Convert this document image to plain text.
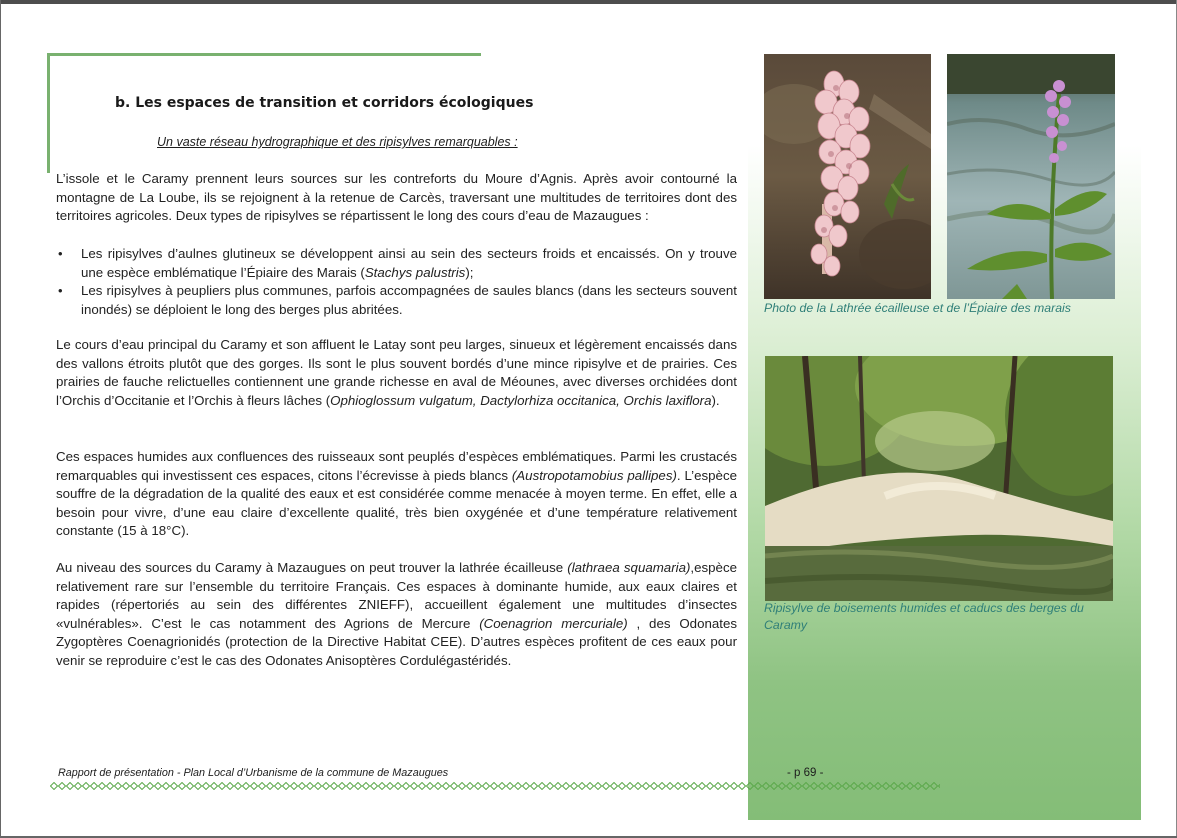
b. Les espaces de transition et corridors écologiques
Un vaste réseau hydrographique et des ripisylves remarquables :

L’issole et le Caramy prennent leurs sources sur les contreforts du Moure d’Agnis. Après avoir contourné la montagne de La Loube, ils se rejoignent à la retenue de Carcès, traversant une multitudes de territoires dont des territoires agricoles. Deux types de ripisylves se répartissent le long des cours d’eau de Mazaugues :

• Les ripisylves d’aulnes glutineux se développent ainsi au sein des secteurs froids et encaissés. On y trouve une espèce emblématique l’Épiaire des Marais (Stachys palustris);
• Les ripisylves à peupliers plus communes, parfois accompagnées de saules blancs (dans les secteurs souvent inondés) se déploient le long des berges plus abritées.

Le cours d’eau principal du Caramy et son affluent le Latay sont peu larges, sinueux et légèrement encaissés dans des vallons étroits plutôt que des gorges. Ils sont le plus souvent bordés d’une mince ripisylve et de prairies. Ces prairies de fauche relictuelles contiennent une grande richesse en aval de Méounes, avec diverses orchidées dont l’Orchis d’Occitanie et l’Orchis à fleurs lâches (Ophioglossum vulgatum, Dactylorhiza occitanica, Orchis laxiflora).

Ces espaces humides aux confluences des ruisseaux sont peuplés d’espèces emblématiques. Parmi les crustacés remarquables qui investissent ces espaces, citons l’écrevisse à pieds blancs (Austropotamobius pallipes). L’espèce souffre de la dégradation de la qualité des eaux et est considérée comme menacée à moyen terme. En effet, elle a besoin pour vivre, d’une eau claire d’excellente qualité, très bien oxygénée et d’une température relativement constante (15 à 18°C).

Au niveau des sources du Caramy à Mazaugues on peut trouver la lathrée écailleuse (lathraea squamaria),espèce relativement rare sur l’ensemble du territoire Français. Ces espaces à dominante humide, aux eaux claires et rapides (répertoriés au sein des différentes ZNIEFF), accueillent également une multitudes d’insectes «vulnérables». C’est le cas notamment des Agrions de Mercure (Coenagrion mercuriale) , des Odonates Zygoptères Coenagrionidés (protection de la Directive Habitat CEE). D’autres espèces profitent de ces eaux pour venir se reproduire c’est le cas des Odonates Anisoptères Cordulégastéridés.

Photo de la Lathrée écailleuse et de l’Épiaire des marais
Ripisylve de boisements humides et caducs des berges du Caramy
Rapport de présentation - Plan Local d’Urbanisme de la commune de Mazaugues	- p 69 -
